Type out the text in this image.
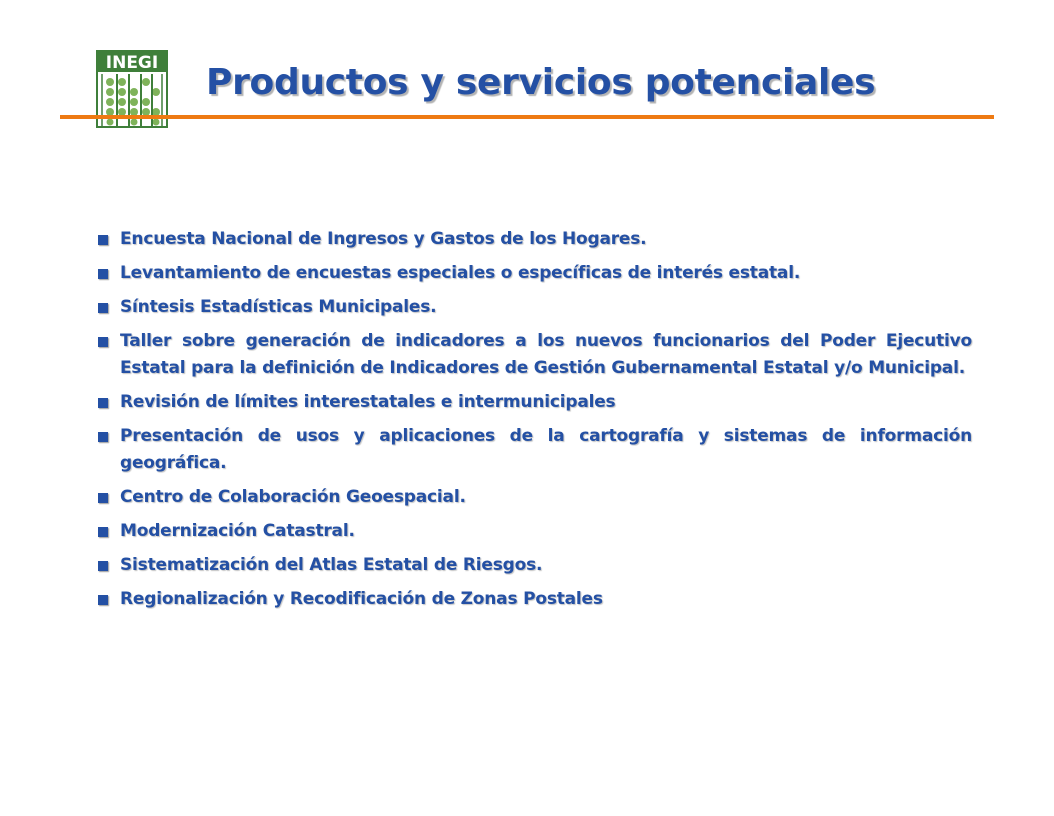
INEGI Productos y servicios potenciales
Encuesta Nacional de Ingresos y Gastos de los Hogares.
Levantamiento de encuestas especiales o específicas de interés estatal.
Síntesis Estadísticas Municipales.
Taller sobre generación de indicadores a los nuevos funcionarios del Poder Ejecutivo Estatal para la definición de Indicadores de Gestión Gubernamental Estatal y/o Municipal.
Revisión de límites interestatales e intermunicipales
Presentación de usos y aplicaciones de la cartografía y sistemas de información geográfica.
Centro de Colaboración Geoespacial.
Modernización Catastral.
Sistematización del Atlas Estatal de Riesgos.
Regionalización y Recodificación de Zonas Postales
